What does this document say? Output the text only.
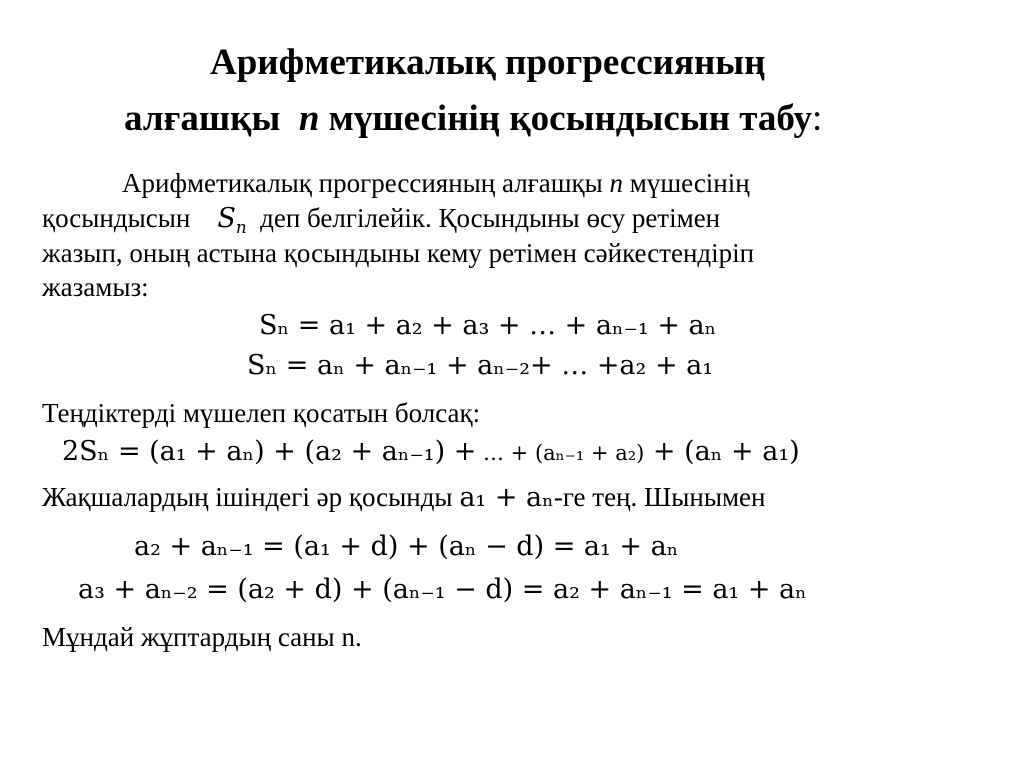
Арифметикалық прогрессияның
алғашқы n мүшесінің қосындысын табу:
Арифметикалық прогрессияның алғашқы n мүшесінің
қосындысын $S_n$ деп белгілейік. Қосындыны өсу ретімен
жазып, оның астына қосындыны кему ретімен сәйкестендіріп
жазамыз:
Sₙ = a₁ + a₂ + a₃ + … + aₙ₋₁ + aₙ
Sₙ = aₙ + aₙ₋₁ + aₙ₋₂+ … +a₂ + a₁
Теңдіктерді мүшелеп қосатын болсақ:
2Sₙ = (a₁ + aₙ) + (a₂ + aₙ₋₁) + … + (aₙ₋₁ + a₂) + (aₙ + a₁)
Жақшалардың ішіндегі әр қосынды a₁ + aₙ-ге тең. Шынымен
a₂ + aₙ₋₁ = (a₁ + d) + (aₙ − d) = a₁ + aₙ
a₃ + aₙ₋₂ = (a₂ + d) + (aₙ₋₁ − d) = a₂ + aₙ₋₁ = a₁ + aₙ
Мұндай жұптардың саны n.
